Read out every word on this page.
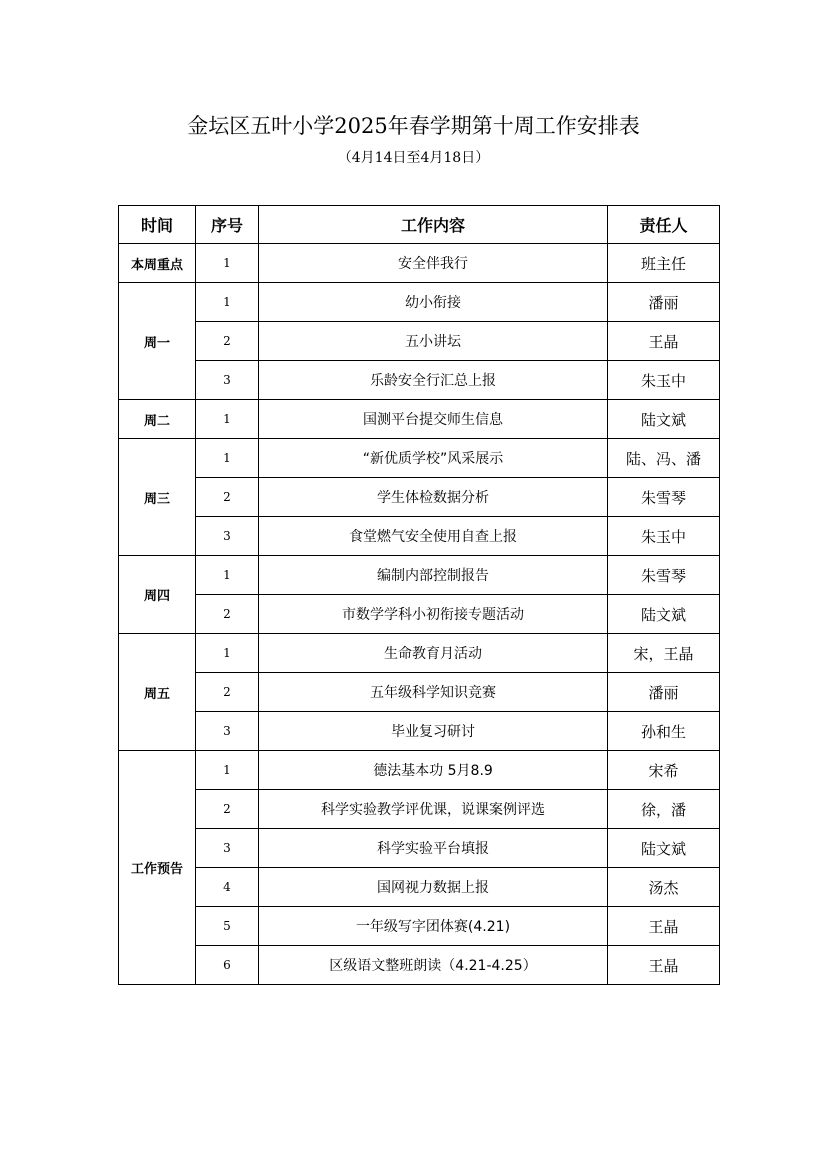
金坛区五叶小学2025年春学期第十周工作安排表
（4月14日至4月18日）
时间	序号	工作内容	责任人
本周重点	1	安全伴我行	班主任
周一	1	幼小衔接	潘丽
	2	五小讲坛	王晶
	3	乐龄安全行汇总上报	朱玉中
周二	1	国测平台提交师生信息	陆文斌
周三	1	“新优质学校”风采展示	陆、冯、潘
	2	学生体检数据分析	朱雪琴
	3	食堂燃气安全使用自查上报	朱玉中
周四	1	编制内部控制报告	朱雪琴
	2	市数学学科小初衔接专题活动	陆文斌
周五	1	生命教育月活动	宋，王晶
	2	五年级科学知识竞赛	潘丽
	3	毕业复习研讨	孙和生
工作预告	1	德法基本功 5月8.9	宋希
	2	科学实验教学评优课，说课案例评选	徐，潘
	3	科学实验平台填报	陆文斌
	4	国网视力数据上报	汤杰
	5	一年级写字团体赛(4.21)	王晶
	6	区级语文整班朗读（4.21-4.25）	王晶
